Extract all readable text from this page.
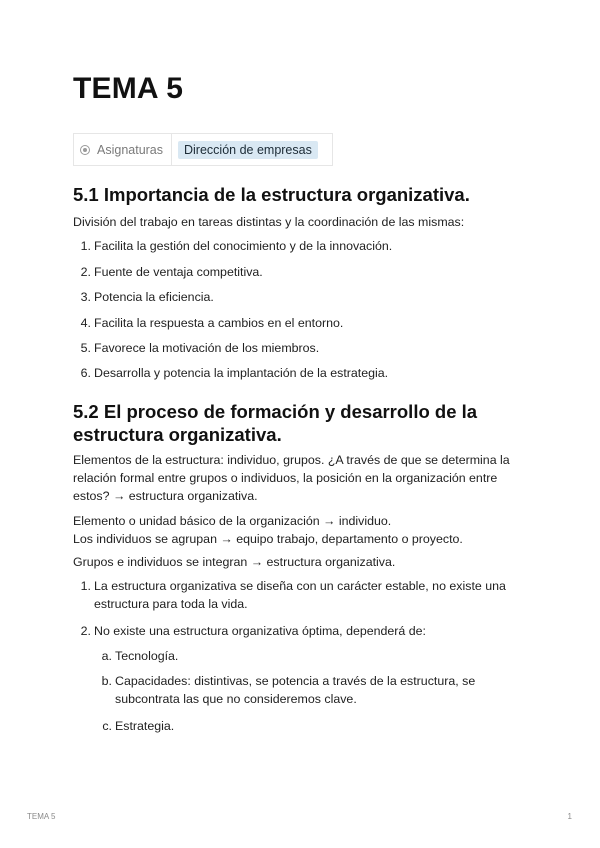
TEMA 5
Asignaturas	Dirección de empresas
5.1 Importancia de la estructura organizativa.
División del trabajo en tareas distintas y la coordinación de las mismas:
1. Facilita la gestión del conocimiento y de la innovación.
2. Fuente de ventaja competitiva.
3. Potencia la eficiencia.
4. Facilita la respuesta a cambios en el entorno.
5. Favorece la motivación de los miembros.
6. Desarrolla y potencia la implantación de la estrategia.
5.2 El proceso de formación y desarrollo de la
estructura organizativa.
Elementos de la estructura: individuo, grupos. ¿A través de que se determina la
relación formal entre grupos o individuos, la posición en la organización entre
estos? → estructura organizativa.
Elemento o unidad básico de la organización → individuo.
Los individuos se agrupan → equipo trabajo, departamento o proyecto.
Grupos e individuos se integran → estructura organizativa.
1. La estructura organizativa se diseña con un carácter estable, no existe una
estructura para toda la vida.
2. No existe una estructura organizativa óptima, dependerá de:
a. Tecnología.
b. Capacidades: distintivas, se potencia a través de la estructura, se
subcontrata las que no consideremos clave.
c. Estrategia.
TEMA 5	1
